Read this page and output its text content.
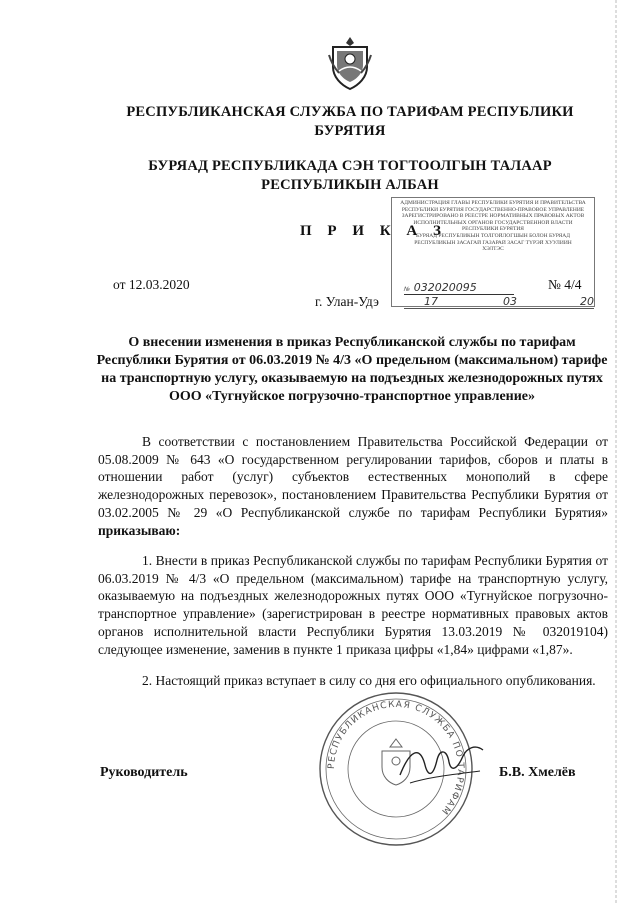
РЕСПУБЛИКАНСКАЯ СЛУЖБА ПО ТАРИФАМ РЕСПУБЛИКИ БУРЯТИЯ
БУРЯАД РЕСПУБЛИКАДА СЭН ТОГТООЛГЫН ТАЛААР РЕСПУБЛИКЫН АЛБАН
П Р И К А З
АДМИНИСТРАЦИЯ ГЛАВЫ РЕСПУБЛИКИ БУРЯТИЯ И ПРАВИТЕЛЬСТВА
РЕСПУБЛИКИ БУРЯТИЯ ГОСУДАРСТВЕННО-ПРАВОВОЕ УПРАВЛЕНИЕ
ЗАРЕГИСТРИРОВАНО В РЕЕСТРЕ НОРМАТИВНЫХ ПРАВОВЫХ АКТОВ
ИСПОЛНИТЕЛЬНЫХ ОРГАНОВ ГОСУДАРСТВЕННОЙ ВЛАСТИ
РЕСПУБЛИКИ БУРЯТИЯ
БУРЯАД РЕСПУБЛИКЫН ТОЛГОЙЛОГШЫН БОЛОН БУРЯАД
РЕСПУБЛИКЫН ЗАСАГАЙ ГАЗАРАЙ ЗАСАГ ТҮРЭЙ ХУУЛИИН
ХЭЛТЭС
№ 032020095
17	03	20
от 12.03.2020	№ 4/4
г. Улан-Удэ
О внесении изменения в приказ Республиканской службы по тарифам Республики Бурятия от 06.03.2019 № 4/3 «О предельном (максимальном) тарифе на транспортную услугу, оказываемую на подъездных железнодорожных путях ООО «Тугнуйское погрузочно-транспортное управление»
В соответствии с постановлением Правительства Российской Федерации от 05.08.2009 № 643 «О государственном регулировании тарифов, сборов и платы в отношении работ (услуг) субъектов естественных монополий в сфере железнодорожных перевозок», постановлением Правительства Республики Бурятия от 03.02.2005 № 29 «О Республиканской службе по тарифам Республики Бурятия» приказываю:
1. Внести в приказ Республиканской службы по тарифам Республики Бурятия от 06.03.2019 № 4/3 «О предельном (максимальном) тарифе на транспортную услугу, оказываемую на подъездных железнодорожных путях ООО «Тугнуйское погрузочно-транспортное управление» (зарегистрирован в реестре нормативных правовых актов органов исполнительной власти Республики Бурятия 13.03.2019 № 032019104) следующее изменение, заменив в пункте 1 приказа цифры «1,84» цифрами «1,87».
2. Настоящий приказ вступает в силу со дня его официального опубликования.
РЕСПУБЛИКАНСКАЯ СЛУЖБА ПО ТАРИФАМ
Руководитель	Б.В. Хмелёв
